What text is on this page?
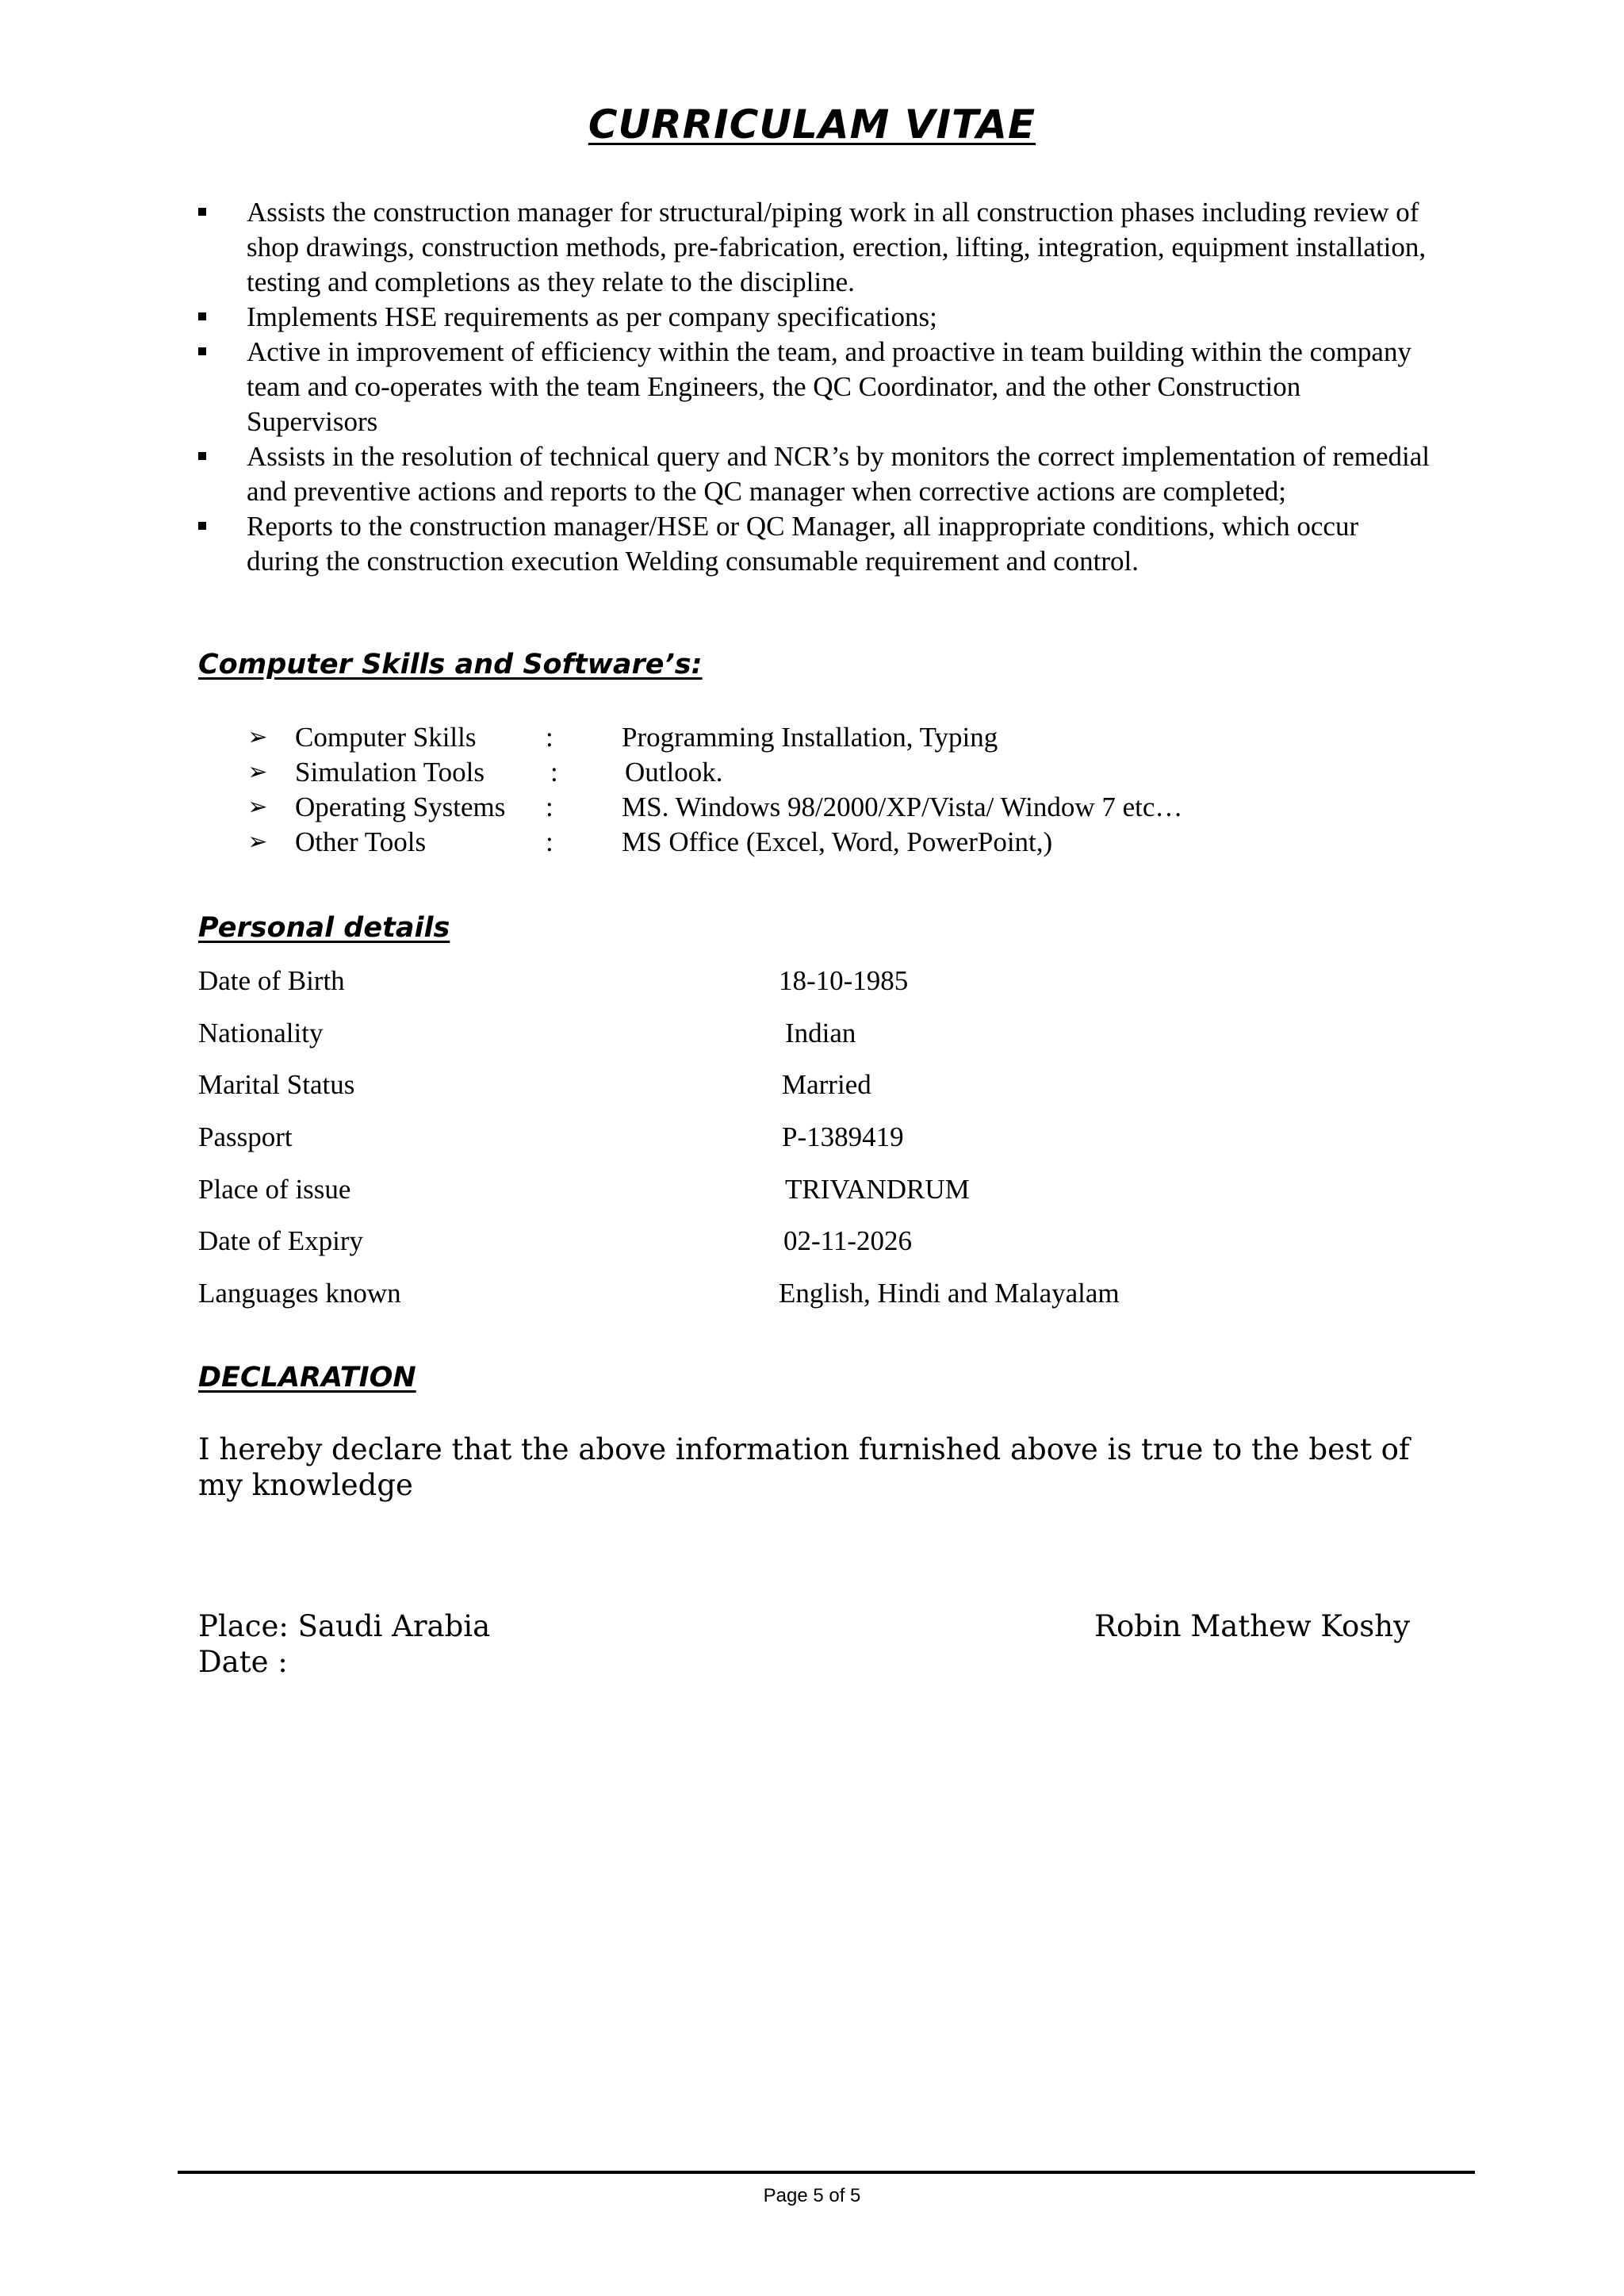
CURRICULAM VITAE
Assists the construction manager for structural/piping work in all construction phases including review of shop drawings, construction methods, pre-fabrication, erection, lifting, integration, equipment installation, testing and completions as they relate to the discipline.
Implements HSE requirements as per company specifications;
Active in improvement of efficiency within the team, and proactive in team building within the company team and co-operates with the team Engineers, the QC Coordinator, and the other Construction Supervisors
Assists in the resolution of technical query and NCR’s by monitors the correct implementation of remedial and preventive actions and reports to the QC manager when corrective actions are completed;
Reports to the construction manager/HSE or QC Manager, all inappropriate conditions, which occur during the construction execution Welding consumable requirement and control.
Computer Skills and Software’s:
➢ Computer Skills	: Programming Installation, Typing
➢ Simulation Tools : Outlook.
➢ Operating Systems : MS. Windows 98/2000/XP/Vista/ Window 7 etc…
➢ Other Tools	: MS Office (Excel, Word, PowerPoint,)
Personal details
Date of Birth	18-10-1985
Nationality	Indian
Marital Status	Married
Passport	P-1389419
Place of issue	TRIVANDRUM
Date of Expiry	02-11-2026
Languages known	English, Hindi and Malayalam
DECLARATION
I hereby declare that the above information furnished above is true to the best of my knowledge
Place: Saudi Arabia
Date :
Robin Mathew Koshy
Page 5 of 5
